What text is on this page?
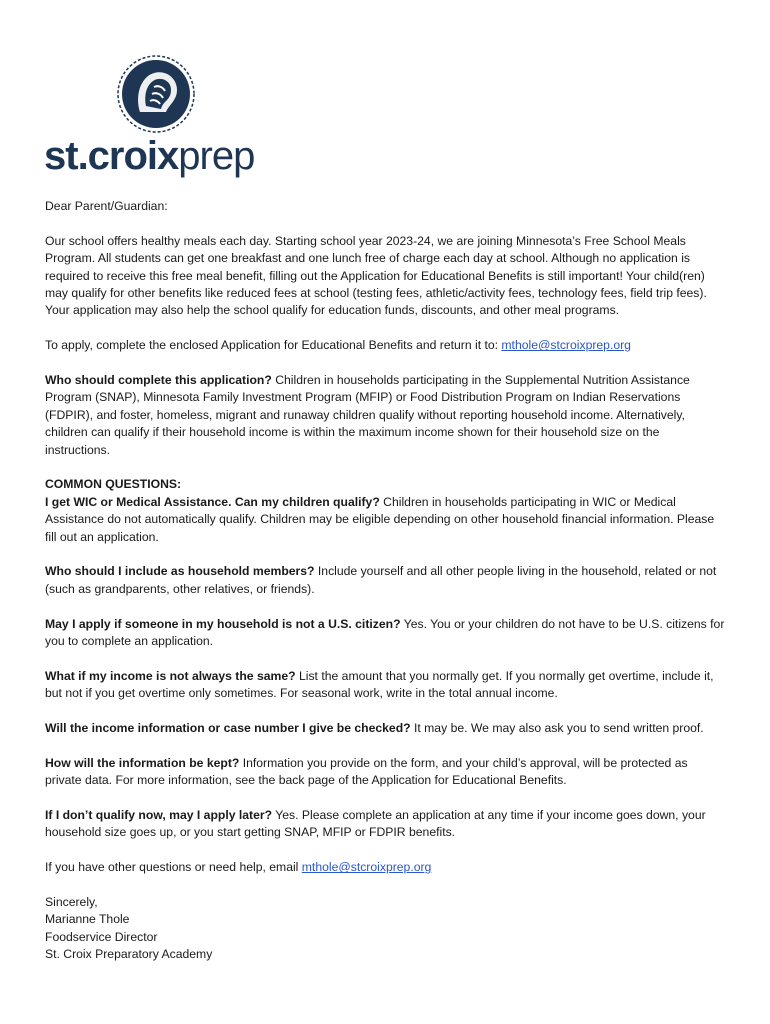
st.croixprep

Dear Parent/Guardian:

Our school offers healthy meals each day. Starting school year 2023-24, we are joining Minnesota’s Free School Meals Program. All students can get one breakfast and one lunch free of charge each day at school. Although no application is required to receive this free meal benefit, filling out the Application for Educational Benefits is still important! Your child(ren) may qualify for other benefits like reduced fees at school (testing fees, athletic/activity fees, technology fees, field trip fees). Your application may also help the school qualify for education funds, discounts, and other meal programs.

To apply, complete the enclosed Application for Educational Benefits and return it to: mthole@stcroixprep.org

Who should complete this application? Children in households participating in the Supplemental Nutrition Assistance Program (SNAP), Minnesota Family Investment Program (MFIP) or Food Distribution Program on Indian Reservations (FDPIR), and foster, homeless, migrant and runaway children qualify without reporting household income. Alternatively, children can qualify if their household income is within the maximum income shown for their household size on the instructions.

COMMON QUESTIONS:

I get WIC or Medical Assistance. Can my children qualify? Children in households participating in WIC or Medical Assistance do not automatically qualify. Children may be eligible depending on other household financial information. Please fill out an application.

Who should I include as household members? Include yourself and all other people living in the household, related or not (such as grandparents, other relatives, or friends).

May I apply if someone in my household is not a U.S. citizen? Yes. You or your children do not have to be U.S. citizens for you to complete an application.

What if my income is not always the same? List the amount that you normally get. If you normally get overtime, include it, but not if you get overtime only sometimes. For seasonal work, write in the total annual income.

Will the income information or case number I give be checked? It may be. We may also ask you to send written proof.

How will the information be kept? Information you provide on the form, and your child’s approval, will be protected as private data. For more information, see the back page of the Application for Educational Benefits.

If I don’t qualify now, may I apply later? Yes. Please complete an application at any time if your income goes down, your household size goes up, or you start getting SNAP, MFIP or FDPIR benefits.

If you have other questions or need help, email mthole@stcroixprep.org

Sincerely,

Marianne Thole

Foodservice Director

St. Croix Preparatory Academy
